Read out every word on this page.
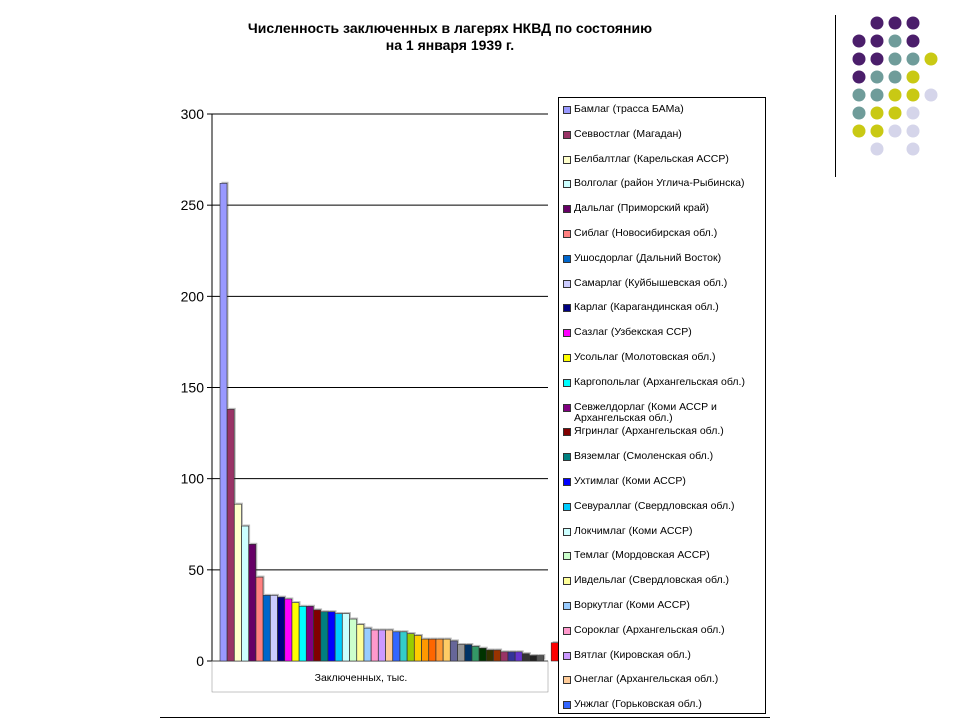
Численность заключенных в лагерях НКВД по состоянию
на 1 января 1939 г.
0
50
100
150
200
250
300
Заключенных, тыс.
Бамлаг (трасса БАМа)
Севвостлаг (Магадан)
Белбалтлаг (Карельская АССР)
Волголаг (район Углича-Рыбинска)
Дальлаг (Приморский край)
Сиблаг (Новосибирская обл.)
Ушосдорлаг (Дальний Восток)
Самарлаг (Куйбышевская обл.)
Карлаг (Карагандинская обл.)
Сазлаг (Узбекская ССР)
Усольлаг (Молотовская обл.)
Каргопольлаг (Архангельская обл.)
Севжелдорлаг (Коми АССР и Архангельская обл.)
Ягринлаг (Архангельская обл.)
Вяземлаг (Смоленская обл.)
Ухтимлаг (Коми АССР)
Севураллаг (Свердловская обл.)
Локчимлаг (Коми АССР)
Темлаг (Мордовская АССР)
Ивдельлаг (Свердловская обл.)
Воркутлаг (Коми АССР)
Сороклаг (Архангельская обл.)
Вятлаг (Кировская обл.)
Онеглаг (Архангельская обл.)
Унжлаг (Горьковская обл.)
